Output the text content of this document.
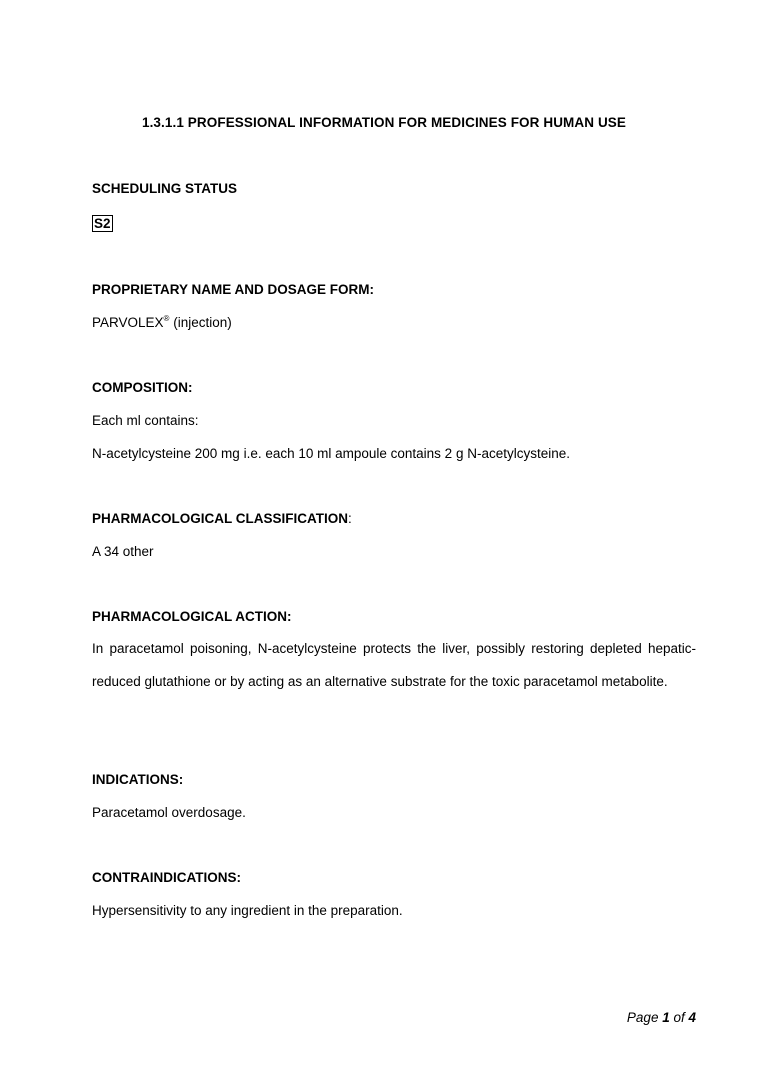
1.3.1.1 PROFESSIONAL INFORMATION FOR MEDICINES FOR HUMAN USE
SCHEDULING STATUS
S2
PROPRIETARY NAME AND DOSAGE FORM:
PARVOLEX® (injection)
COMPOSITION:
Each ml contains:
N-acetylcysteine 200 mg i.e. each 10 ml ampoule contains 2 g N-acetylcysteine.
PHARMACOLOGICAL CLASSIFICATION:
A 34 other
PHARMACOLOGICAL ACTION:
In paracetamol poisoning, N-acetylcysteine protects the liver, possibly restoring depleted hepatic-reduced glutathione or by acting as an alternative substrate for the toxic paracetamol metabolite.
INDICATIONS:
Paracetamol overdosage.
CONTRAINDICATIONS:
Hypersensitivity to any ingredient in the preparation.
Page 1 of 4
